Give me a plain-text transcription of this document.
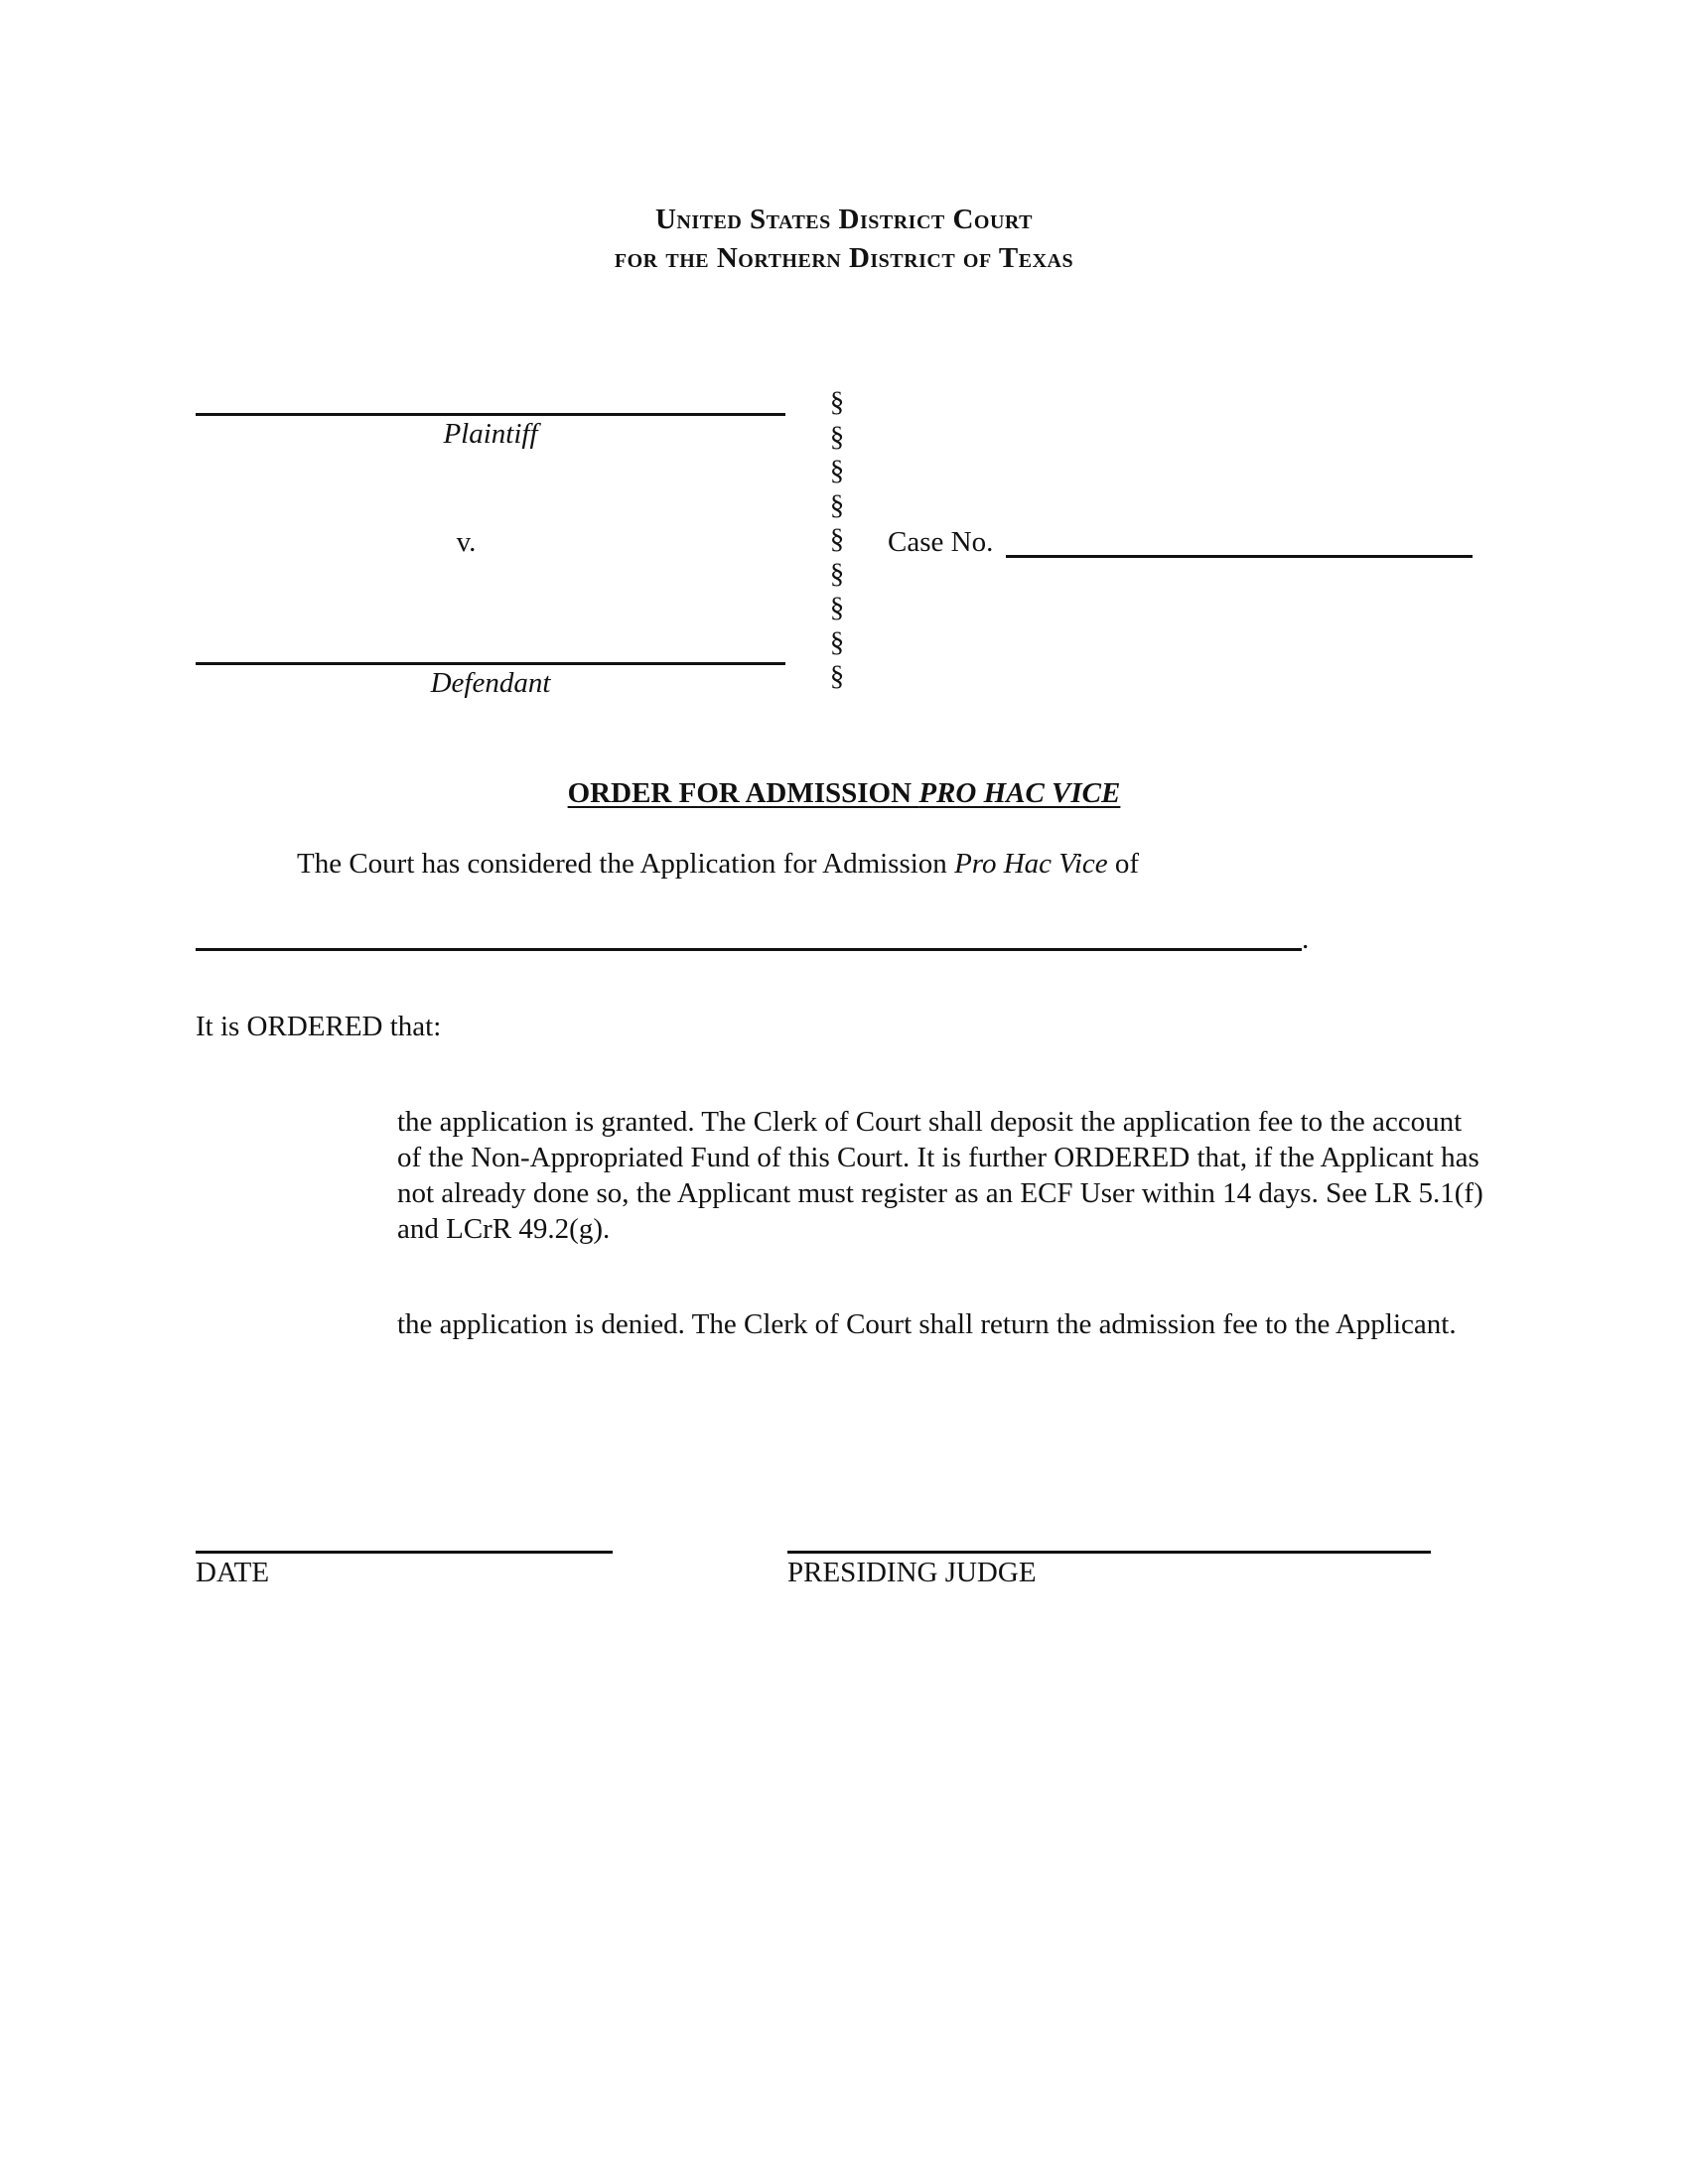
United States District Court
for the Northern District of Texas
Plaintiff
v.
Defendant
§
§
§
§
§
§
§
§
§
Case No.
ORDER FOR ADMISSION PRO HAC VICE
The Court has considered the Application for Admission Pro Hac Vice of
.
It is ORDERED that:
the application is granted. The Clerk of Court shall deposit the application fee to the account of the Non-Appropriated Fund of this Court. It is further ORDERED that, if the Applicant has not already done so, the Applicant must register as an ECF User within 14 days. See LR 5.1(f) and LCrR 49.2(g).
the application is denied. The Clerk of Court shall return the admission fee to the Applicant.
DATE	PRESIDING JUDGE
